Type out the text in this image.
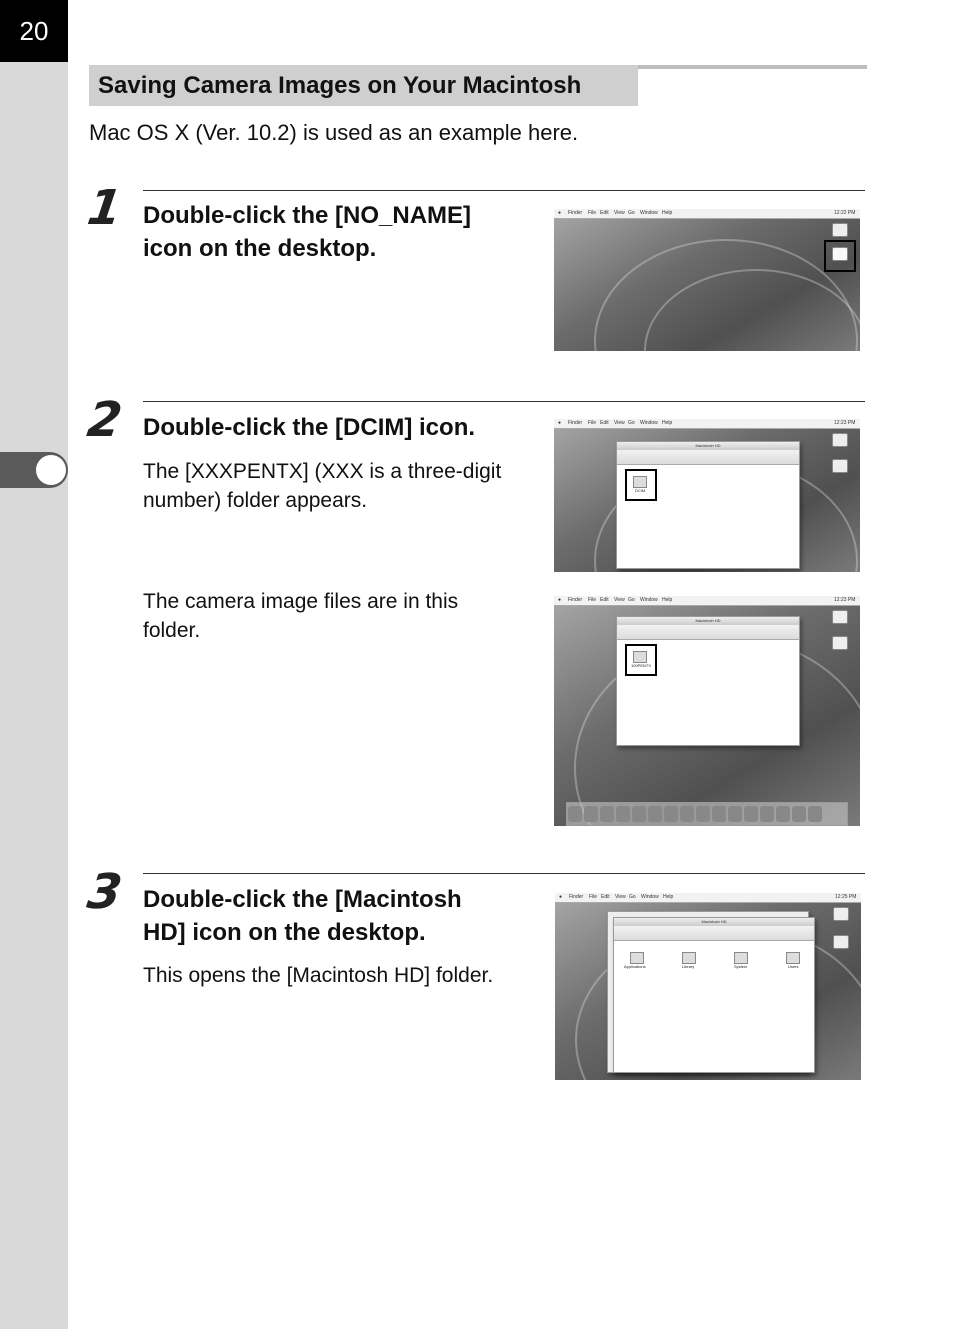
20
Saving Camera Images on Your Macintosh
Mac OS X (Ver. 10.2) is used as an example here.
1 Double-click the [NO_NAME]
icon on the desktop.
● Finder File Edit View Go Window Help	12:22 PM
2 Double-click the [DCIM] icon.
The [XXXPENTX] (XXX is a three-digit
number) folder appears.
The camera image files are in this
folder.
● Finder File Edit View Go Window Help	12:23 PM
Macintosh HD
DCIM
● Finder File Edit View Go Window Help	12:23 PM
Macintosh HD
100PENTX
3 Double-click the [Macintosh
HD] icon on the desktop.
This opens the [Macintosh HD] folder.
● Finder File Edit View Go Window Help	12:25 PM
Macintosh HD
Applications	Library	System	Users
